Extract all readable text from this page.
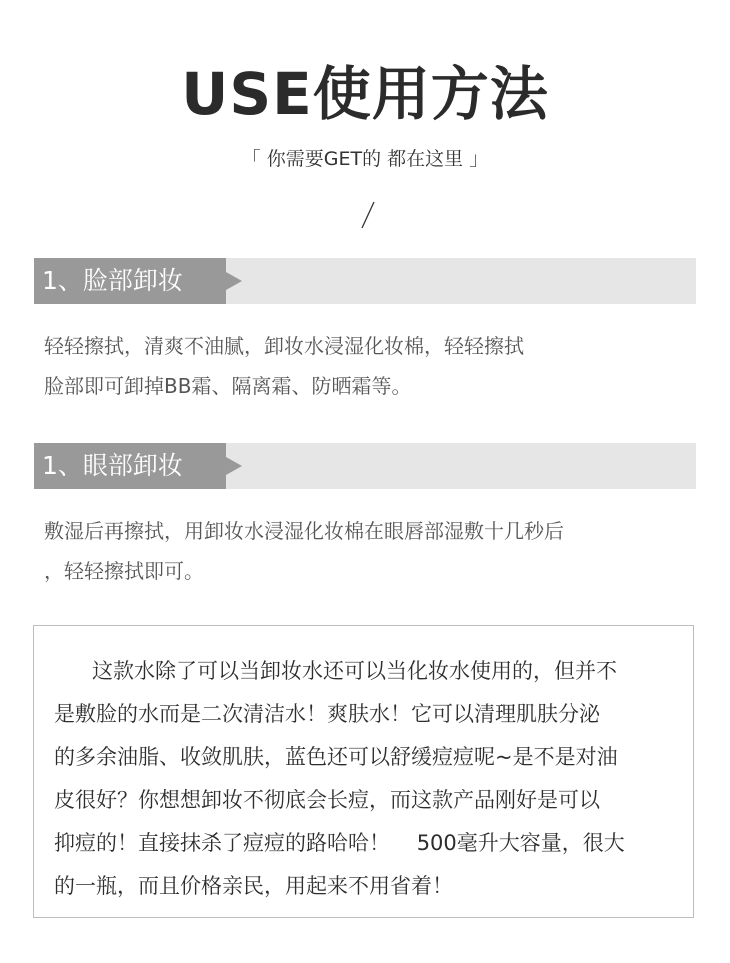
USE使用方法
「 你需要GET的 都在这里 」
1、脸部卸妆
轻轻擦拭，清爽不油腻，卸妆水浸湿化妆棉，轻轻擦拭
脸部即可卸掉BB霜、隔离霜、防晒霜等。
1、眼部卸妆
敷湿后再擦拭，用卸妆水浸湿化妆棉在眼唇部湿敷十几秒后
，轻轻擦拭即可。
这款水除了可以当卸妆水还可以当化妆水使用的，但并不
是敷脸的水而是二次清洁水！爽肤水！它可以清理肌肤分泌
的多余油脂、收敛肌肤，蓝色还可以舒缓痘痘呢~是不是对油
皮很好？你想想卸妆不彻底会长痘，而这款产品刚好是可以
抑痘的！直接抹杀了痘痘的路哈哈！    500毫升大容量，很大
的一瓶，而且价格亲民，用起来不用省着！
